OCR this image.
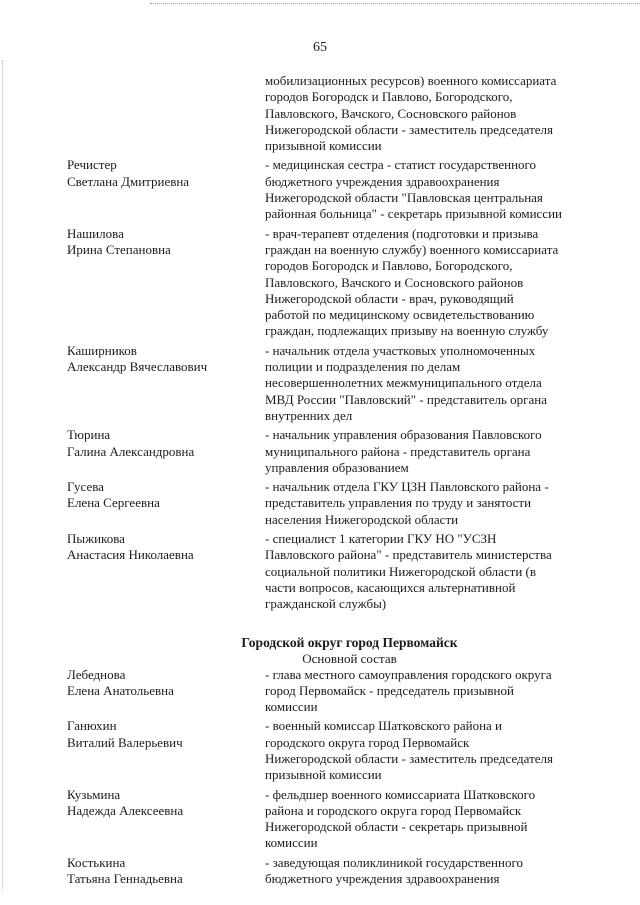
65
мобилизационных ресурсов) военного комиссариата
городов Богородск и Павлово, Богородского,
Павловского, Вачского, Сосновского районов
Нижегородской области - заместитель председателя
призывной комиссии
Речистер
Светлана Дмитриевна
- медицинская сестра - статист государственного
бюджетного учреждения здравоохранения
Нижегородской области "Павловская центральная
районная больница" - секретарь призывной комиссии
Нашилова
Ирина Степановна
- врач-терапевт отделения (подготовки и призыва
граждан на военную службу) военного комиссариата
городов Богородск и Павлово, Богородского,
Павловского, Вачского и Сосновского районов
Нижегородской области - врач, руководящий
работой по медицинскому освидетельствованию
граждан, подлежащих призыву на военную службу
Каширников
Александр Вячеславович
- начальник отдела участковых уполномоченных
полиции и подразделения по делам
несовершеннолетних межмуниципального отдела
МВД России "Павловский" - представитель органа
внутренних дел
Тюрина
Галина Александровна
- начальник управления образования Павловского
муниципального района - представитель органа
управления образованием
Гусева
Елена Сергеевна
- начальник отдела ГКУ ЦЗН Павловского района -
представитель управления по труду и занятости
населения Нижегородской области
Пыжикова
Анастасия Николаевна
- специалист 1 категории ГКУ НО "УСЗН
Павловского района" - представитель министерства
социальной политики Нижегородской области (в
части вопросов, касающихся альтернативной
гражданской службы)
Городской округ город Первомайск
Основной состав
Лебеднова
Елена Анатольевна
- глава местного самоуправления городского округа
город Первомайск - председатель призывной
комиссии
Ганюхин
Виталий Валерьевич
- военный комиссар Шатковского района и
городского округа город Первомайск
Нижегородской области - заместитель председателя
призывной комиссии
Кузьмина
Надежда Алексеевна
- фельдшер военного комиссариата Шатковского
района и городского округа город Первомайск
Нижегородской области - секретарь призывной
комиссии
Костькина
Татьяна Геннадьевна
- заведующая поликлиникой государственного
бюджетного учреждения здравоохранения
